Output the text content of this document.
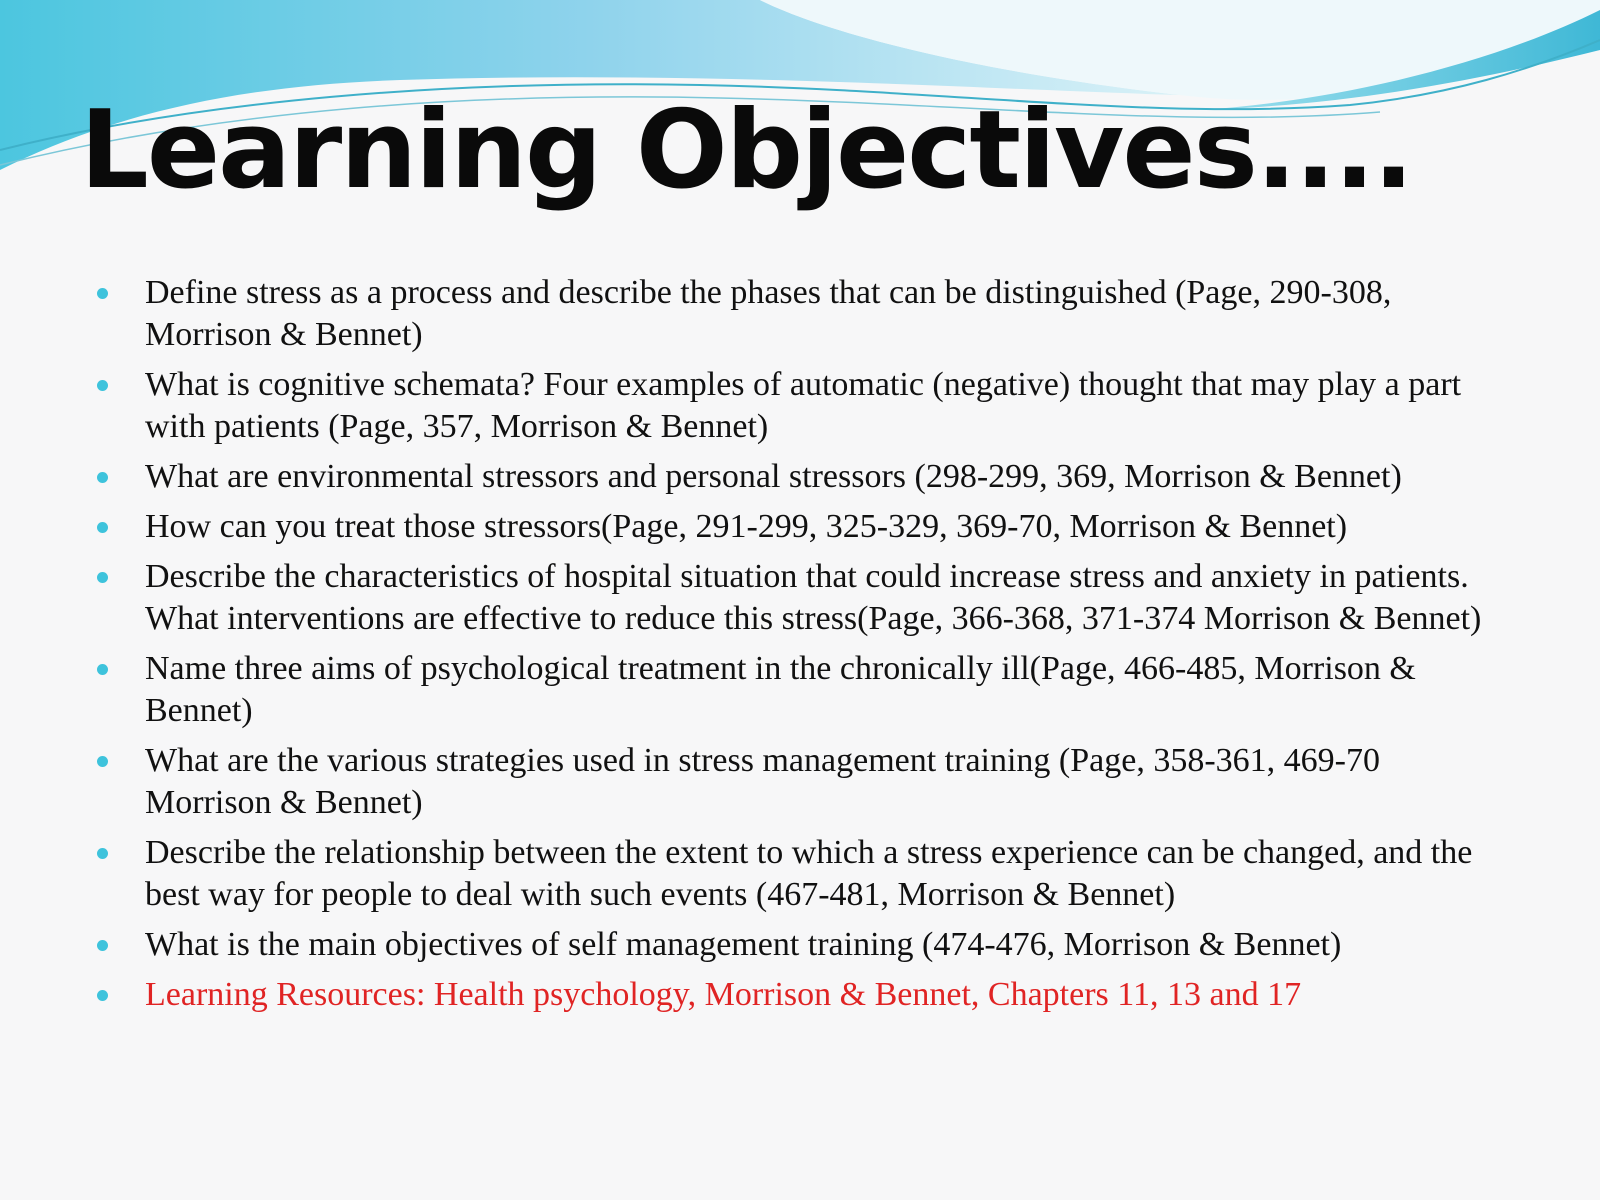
Learning Objectives....
Define stress as a process and describe the phases that can be distinguished (Page, 290-308, Morrison & Bennet)
What is cognitive schemata? Four examples of automatic (negative) thought that may play a part with patients (Page, 357, Morrison & Bennet)
What are environmental stressors and personal stressors (298-299, 369, Morrison & Bennet)
How can you treat those stressors(Page, 291-299, 325-329, 369-70, Morrison & Bennet)
Describe the characteristics of hospital situation that could increase stress and anxiety in patients. What interventions are effective to reduce this stress(Page, 366-368, 371-374 Morrison & Bennet)
Name three aims of psychological treatment in the chronically ill(Page, 466-485, Morrison & Bennet)
What are the various strategies used in stress management training (Page, 358-361, 469-70 Morrison & Bennet)
Describe the relationship between the extent to which a stress experience can be changed, and the best way for people to deal with such events (467-481, Morrison & Bennet)
What is the main objectives of self management training (474-476, Morrison & Bennet)
Learning Resources: Health psychology, Morrison & Bennet, Chapters 11, 13 and 17
